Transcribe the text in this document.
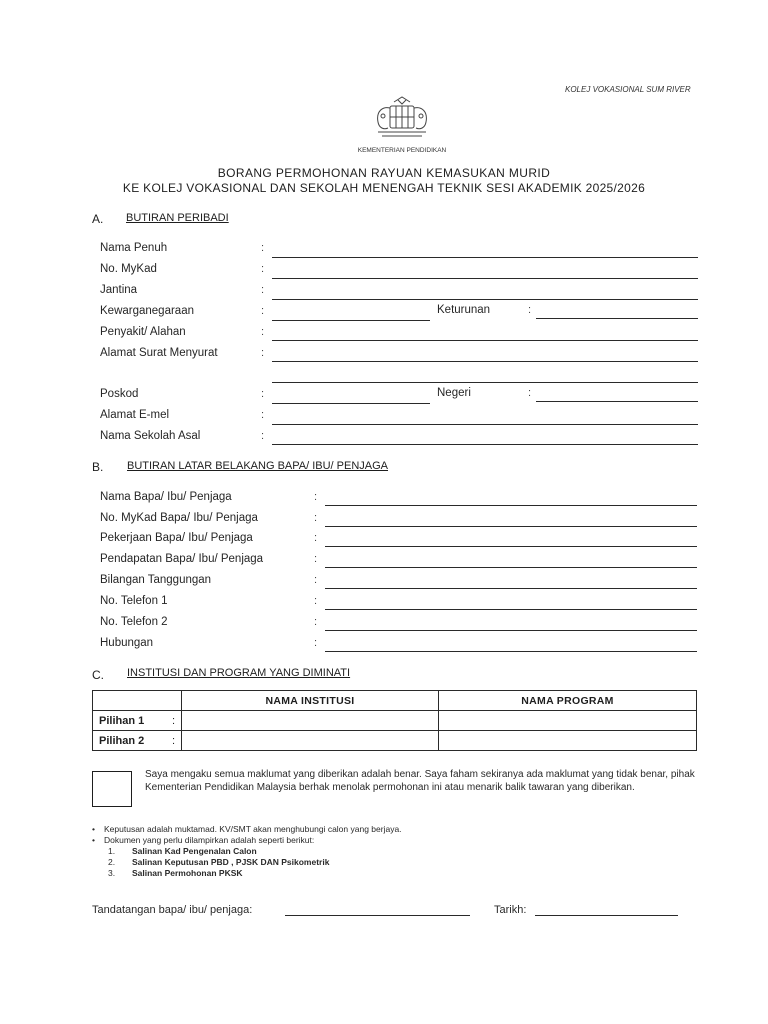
KOLEJ VOKASIONAL SUM RIVER
KEMENTERIAN PENDIDIKAN
BORANG PERMOHONAN RAYUAN KEMASUKAN MURID
KE KOLEJ VOKASIONAL DAN SEKOLAH MENENGAH TEKNIK SESI AKADEMIK 2025/2026
A. BUTIRAN PERIBADI
Nama Penuh	:
No. MyKad	:
Jantina	:
Kewarganegaraan	:	Keturunan	:
Penyakit/ Alahan	:
Alamat Surat Menyurat	:
Poskod	:	Negeri	:
Alamat E-mel	:
Nama Sekolah Asal	:
B. BUTIRAN LATAR BELAKANG BAPA/ IBU/ PENJAGA
Nama Bapa/ Ibu/ Penjaga	:
No. MyKad Bapa/ Ibu/ Penjaga	:
Pekerjaan Bapa/ Ibu/ Penjaga	:
Pendapatan Bapa/ Ibu/ Penjaga	:
Bilangan Tanggungan	:
No. Telefon 1	:
No. Telefon 2	:
Hubungan	:
C. INSTITUSI DAN PROGRAM YANG DIMINATI
	NAMA INSTITUSI	NAMA PROGRAM
Pilihan 1 :		

Pilihan 2 :		

Saya mengaku semua maklumat yang diberikan adalah benar. Saya faham sekiranya ada maklumat yang tidak benar, pihak Kementerian Pendidikan Malaysia berhak menolak permohonan ini atau menarik balik tawaran yang diberikan.
• Keputusan adalah muktamad. KV/SMT akan menghubungi calon yang berjaya.
• Dokumen yang perlu dilampirkan adalah seperti berikut:
1. Salinan Kad Pengenalan Calon
2. Salinan Keputusan PBD , PJSK DAN Psikometrik
3. Salinan Permohonan PKSK
Tandatangan bapa/ ibu/ penjaga:	Tarikh:
